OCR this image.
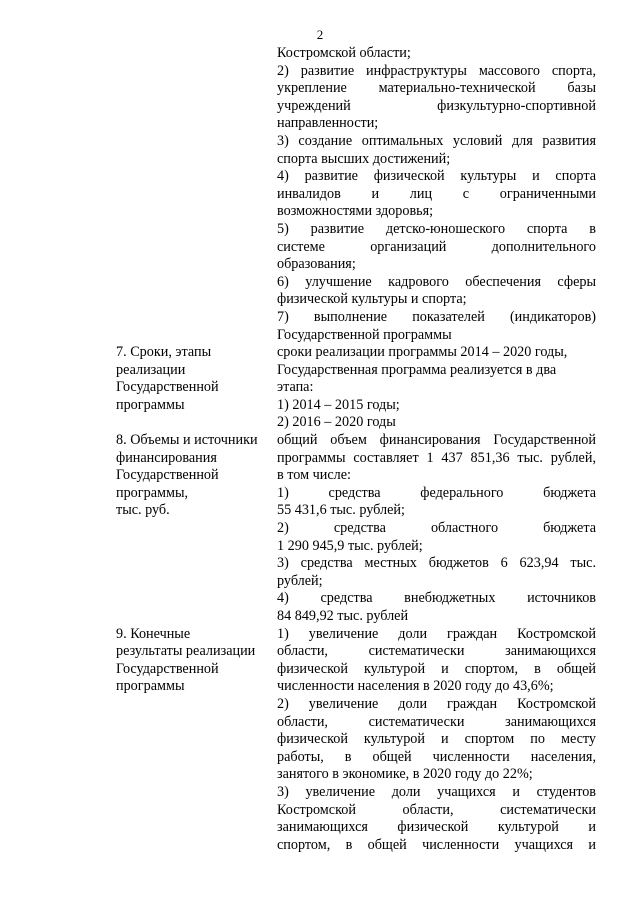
2
Костромской области;
2) развитие инфраструктуры массового спорта,
укрепление материально-технической базы
учреждений физкультурно-спортивной
направленности;
3) создание оптимальных условий для развития
спорта высших достижений;
4) развитие физической культуры и спорта
инвалидов и лиц с ограниченными
возможностями здоровья;
5) развитие детско-юношеского спорта в
системе организаций дополнительного
образования;
6) улучшение кадрового обеспечения сферы
физической культуры и спорта;
7) выполнение показателей (индикаторов)
Государственной программы
7. Сроки, этапы
реализации
Государственной
программы
сроки реализации программы 2014 – 2020 годы,
Государственная программа реализуется в два
этапа:
1) 2014 – 2015 годы;
2) 2016 – 2020 годы
8. Объемы и источники
финансирования
Государственной
программы,
тыс. руб.
общий объем финансирования Государственной
программы составляет 1 437 851,36 тыс. рублей,
в том числе:
1) средства федерального бюджета
55 431,6 тыс. рублей;
2) средства областного бюджета
1 290 945,9 тыс. рублей;
3) средства местных бюджетов 6 623,94 тыс.
рублей;
4) средства внебюджетных источников
84 849,92 тыс. рублей
9. Конечные
результаты реализации
Государственной
программы
1) увеличение доли граждан Костромской
области, систематически занимающихся
физической культурой и спортом, в общей
численности населения в 2020 году до 43,6%;
2) увеличение доли граждан Костромской
области, систематически занимающихся
физической культурой и спортом по месту
работы, в общей численности населения,
занятого в экономике, в 2020 году до 22%;
3) увеличение доли учащихся и студентов
Костромской области, систематически
занимающихся физической культурой и
спортом, в общей численности учащихся и
